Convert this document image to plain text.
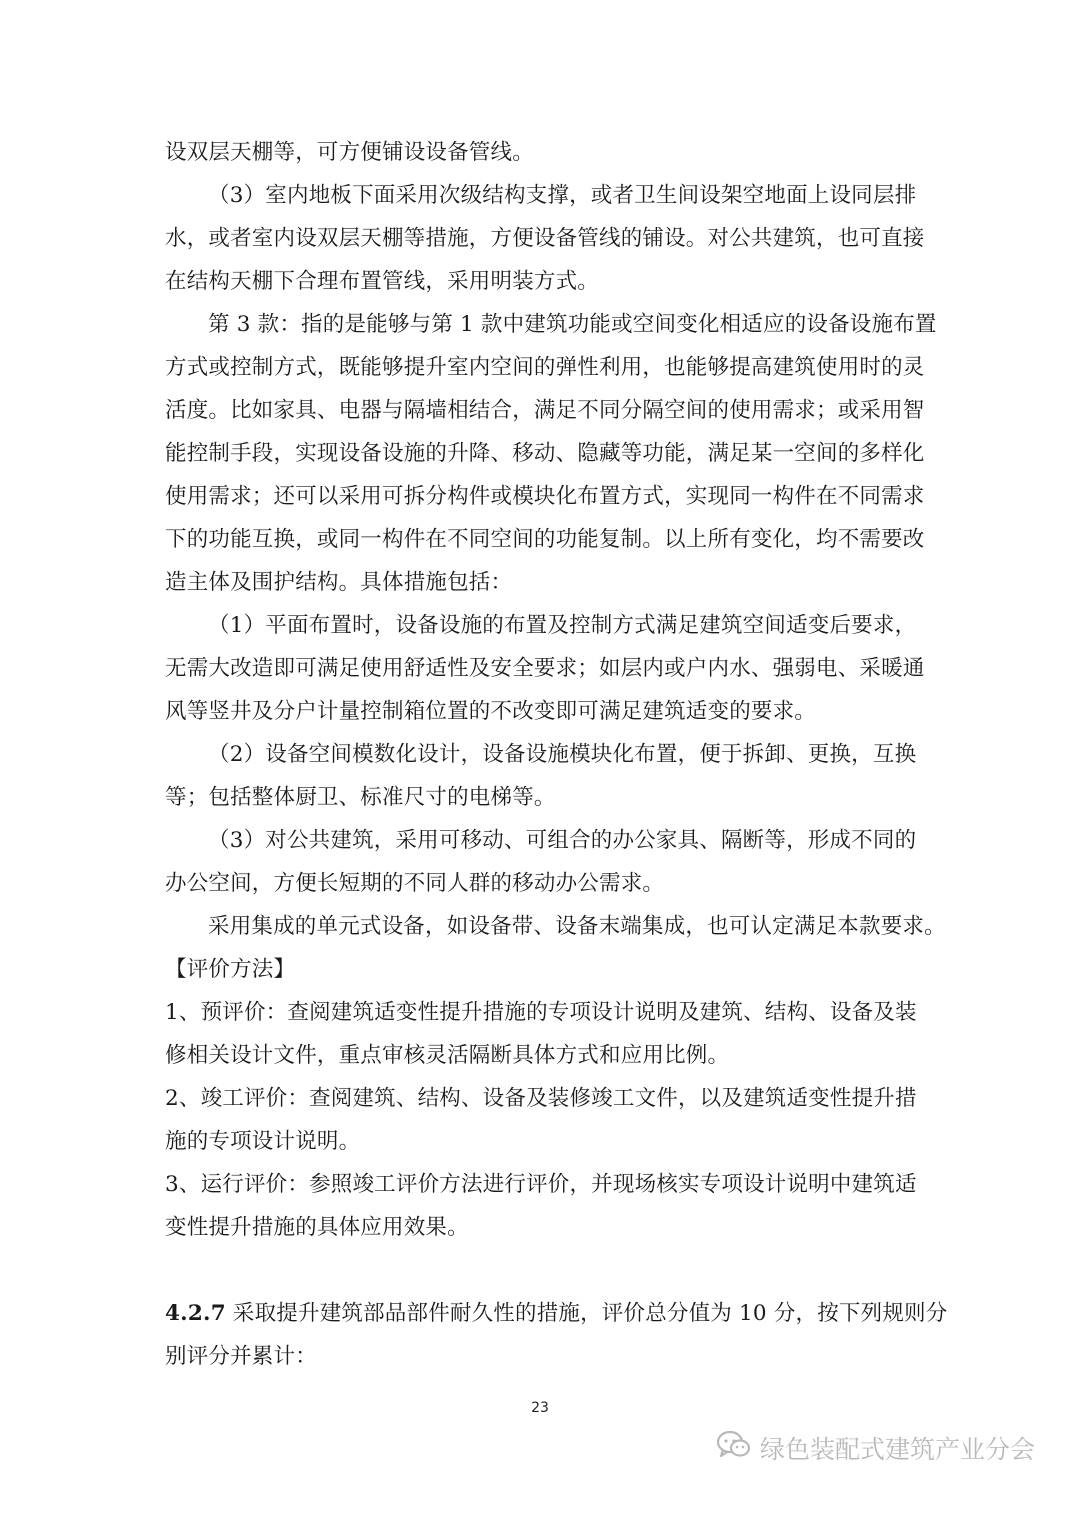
设双层天棚等，可方便铺设设备管线。
（3）室内地板下面采用次级结构支撑，或者卫生间设架空地面上设同层排
水，或者室内设双层天棚等措施，方便设备管线的铺设。对公共建筑，也可直接
在结构天棚下合理布置管线，采用明装方式。
第 3 款：指的是能够与第 1 款中建筑功能或空间变化相适应的设备设施布置
方式或控制方式，既能够提升室内空间的弹性利用，也能够提高建筑使用时的灵
活度。比如家具、电器与隔墙相结合，满足不同分隔空间的使用需求；或采用智
能控制手段，实现设备设施的升降、移动、隐藏等功能，满足某一空间的多样化
使用需求；还可以采用可拆分构件或模块化布置方式，实现同一构件在不同需求
下的功能互换，或同一构件在不同空间的功能复制。以上所有变化，均不需要改
造主体及围护结构。具体措施包括：
（1）平面布置时，设备设施的布置及控制方式满足建筑空间适变后要求，
无需大改造即可满足使用舒适性及安全要求；如层内或户内水、强弱电、采暖通
风等竖井及分户计量控制箱位置的不改变即可满足建筑适变的要求。
（2）设备空间模数化设计，设备设施模块化布置，便于拆卸、更换，互换
等；包括整体厨卫、标准尺寸的电梯等。
（3）对公共建筑，采用可移动、可组合的办公家具、隔断等，形成不同的
办公空间，方便长短期的不同人群的移动办公需求。
采用集成的单元式设备，如设备带、设备末端集成，也可认定满足本款要求。
【评价方法】
1、预评价：查阅建筑适变性提升措施的专项设计说明及建筑、结构、设备及装
修相关设计文件，重点审核灵活隔断具体方式和应用比例。
2、竣工评价：查阅建筑、结构、设备及装修竣工文件，以及建筑适变性提升措
施的专项设计说明。
3、运行评价：参照竣工评价方法进行评价，并现场核实专项设计说明中建筑适
变性提升措施的具体应用效果。
4.2.7 采取提升建筑部品部件耐久性的措施，评价总分值为 10 分，按下列规则分
别评分并累计：
23
绿色装配式建筑产业分会
